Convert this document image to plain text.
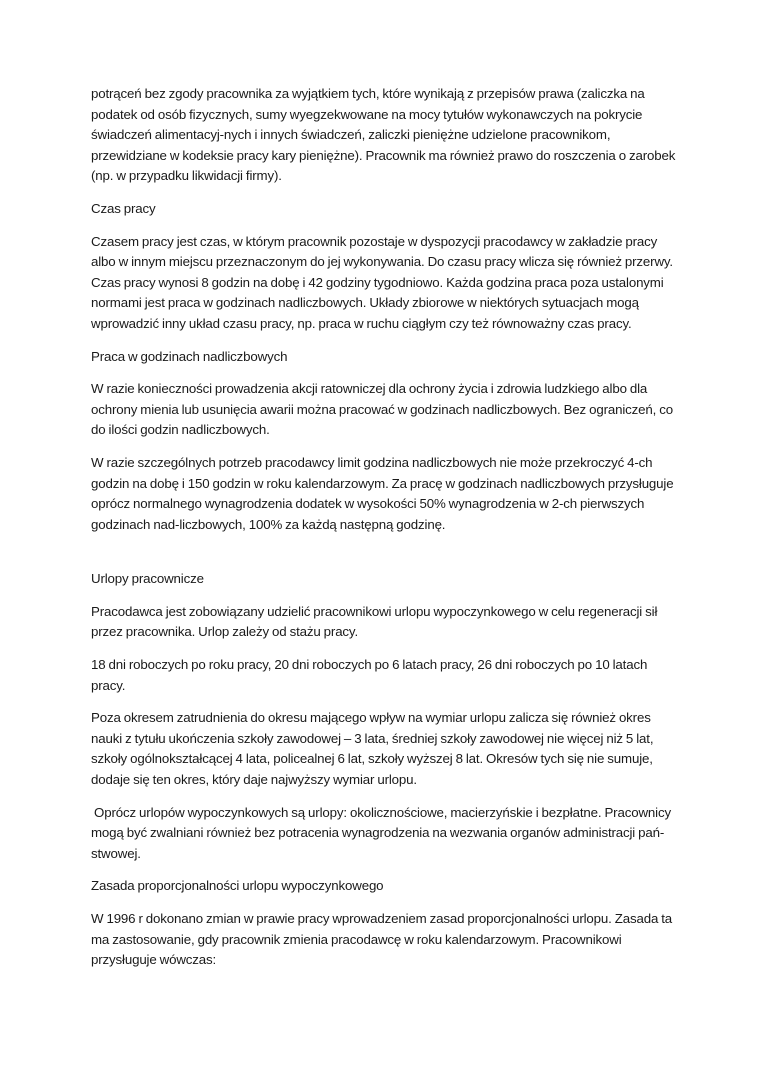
potrąceń bez zgody pracownika za wyjątkiem tych, które wynikają z przepisów prawa (zaliczka na podatek od osób fizycznych, sumy wyegzekwowane na mocy tytułów wykonawczych na pokrycie świadczeń alimentacyj-nych i innych świadczeń, zaliczki pieniężne udzielone pracownikom, przewidziane w kodeksie pracy kary pieniężne). Pracownik ma również prawo do roszczenia o zarobek (np. w przypadku likwidacji firmy).

Czas pracy

Czasem pracy jest czas, w którym pracownik pozostaje w dyspozycji pracodawcy w zakładzie pracy albo w innym miejscu przeznaczonym do jej wykonywania. Do czasu pracy wlicza się również przerwy. Czas pracy wynosi 8 godzin na dobę i 42 godziny tygodniowo. Każda godzina praca poza ustalonymi normami jest praca w godzinach nadliczbowych. Układy zbiorowe w niektórych sytuacjach mogą wprowadzić inny układ czasu pracy, np. praca w ruchu ciągłym czy też równoważny czas pracy.

Praca w godzinach nadliczbowych

W razie konieczności prowadzenia akcji ratowniczej dla ochrony życia i zdrowia ludzkiego albo dla ochrony mienia lub usunięcia awarii można pracować w godzinach nadliczbowych. Bez ograniczeń, co do ilości godzin nadliczbowych.

W razie szczególnych potrzeb pracodawcy limit godzina nadliczbowych nie może przekroczyć 4-ch godzin na dobę i 150 godzin w roku kalendarzowym. Za pracę w godzinach nadliczbowych przysługuje oprócz normalnego wynagrodzenia dodatek w wysokości 50% wynagrodzenia w 2-ch pierwszych godzinach nad-liczbowych, 100% za każdą następną godzinę.

Urlopy pracownicze

Pracodawca jest zobowiązany udzielić pracownikowi urlopu wypoczynkowego w celu regeneracji sił przez pracownika. Urlop zależy od stażu pracy.

18 dni roboczych po roku pracy, 20 dni roboczych po 6 latach pracy, 26 dni roboczych po 10 latach pracy.

Poza okresem zatrudnienia do okresu mającego wpływ na wymiar urlopu zalicza się również okres nauki z tytułu ukończenia szkoły zawodowej – 3 lata, średniej szkoły zawodowej nie więcej niż 5 lat, szkoły ogólnokształcącej 4 lata, policealnej 6 lat, szkoły wyższej 8 lat. Okresów tych się nie sumuje, dodaje się ten okres, który daje najwyższy wymiar urlopu.

Oprócz urlopów wypoczynkowych są urlopy: okolicznościowe, macierzyńskie i bezpłatne. Pracownicy mogą być zwalniani również bez potracenia wynagrodzenia na wezwania organów administracji pań-stwowej.

Zasada proporcjonalności urlopu wypoczynkowego

W 1996 r dokonano zmian w prawie pracy wprowadzeniem zasad proporcjonalności urlopu. Zasada ta ma zastosowanie, gdy pracownik zmienia pracodawcę w roku kalendarzowym. Pracownikowi przysługuje wówczas:
